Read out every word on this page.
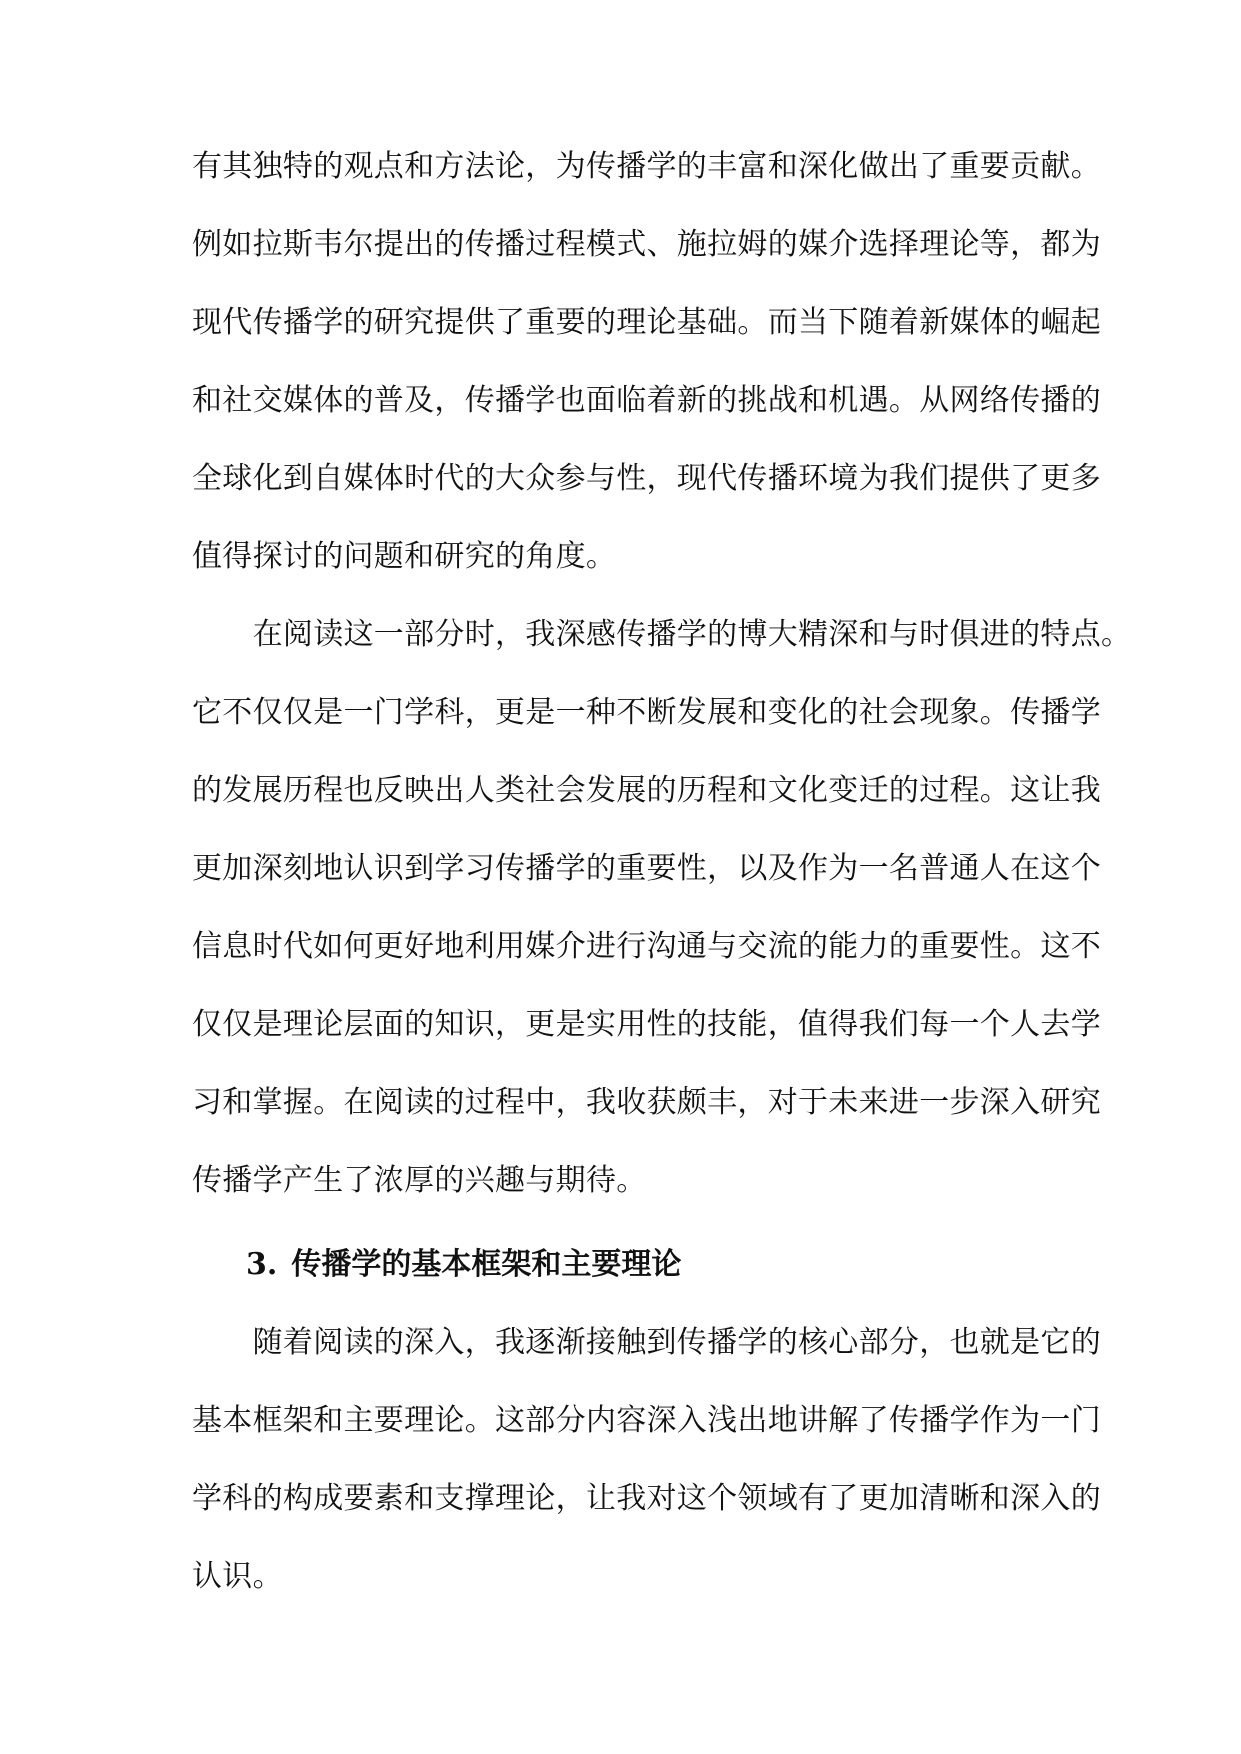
有其独特的观点和方法论，为传播学的丰富和深化做出了重要贡献。
例如拉斯韦尔提出的传播过程模式、施拉姆的媒介选择理论等，都为
现代传播学的研究提供了重要的理论基础。而当下随着新媒体的崛起
和社交媒体的普及，传播学也面临着新的挑战和机遇。从网络传播的
全球化到自媒体时代的大众参与性，现代传播环境为我们提供了更多
值得探讨的问题和研究的角度。
　　在阅读这一部分时，我深感传播学的博大精深和与时俱进的特点。
它不仅仅是一门学科，更是一种不断发展和变化的社会现象。传播学
的发展历程也反映出人类社会发展的历程和文化变迁的过程。这让我
更加深刻地认识到学习传播学的重要性，以及作为一名普通人在这个
信息时代如何更好地利用媒介进行沟通与交流的能力的重要性。这不
仅仅是理论层面的知识，更是实用性的技能，值得我们每一个人去学
习和掌握。在阅读的过程中，我收获颇丰，对于未来进一步深入研究
传播学产生了浓厚的兴趣与期待。
3. 传播学的基本框架和主要理论
　　随着阅读的深入，我逐渐接触到传播学的核心部分，也就是它的
基本框架和主要理论。这部分内容深入浅出地讲解了传播学作为一门
学科的构成要素和支撑理论，让我对这个领域有了更加清晰和深入的
认识。
